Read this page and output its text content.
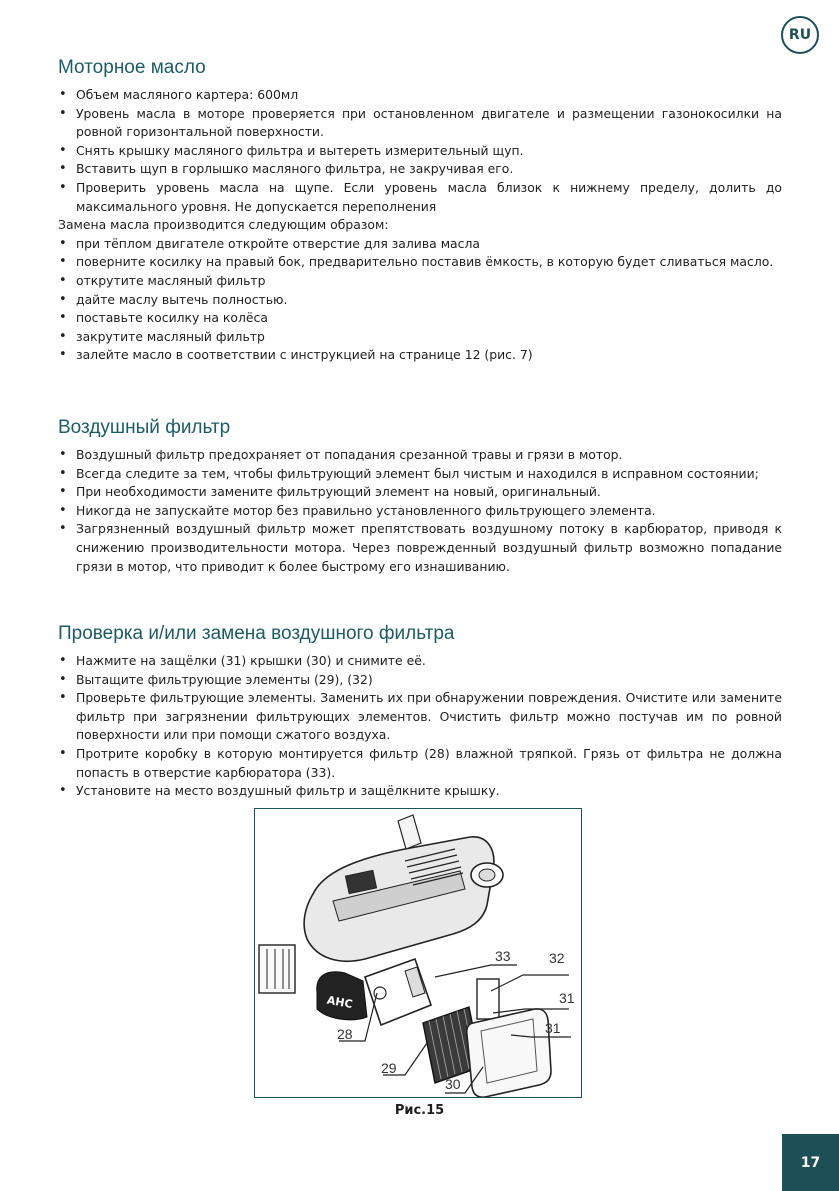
RU
Моторное масло
• Объем масляного картера: 600мл
• Уровень масла в моторе проверяется при остановленном двигателе и размещении газонокосилки на ровной горизонтальной поверхности.
• Снять крышку масляного фильтра и вытереть измерительный щуп.
• Вставить щуп в горлышко масляного фильтра, не закручивая его.
• Проверить уровень масла на щупе. Если уровень масла близок к нижнему пределу, долить до максимального уровня. Не допускается переполнения
Замена масла производится следующим образом:
• при тёплом двигателе откройте отверстие для залива масла
• поверните косилку на правый бок, предварительно поставив ёмкость, в которую будет сливаться масло.
• открутите масляный фильтр
• дайте маслу вытечь полностью.
• поставьте косилку на колёса
• закрутите масляный фильтр
• залейте масло в соответствии с инструкцией на странице 12 (рис. 7)
Воздушный фильтр
• Воздушный фильтр предохраняет от попадания срезанной травы и грязи в мотор.
• Всегда следите за тем, чтобы фильтрующий элемент был чистым и находился в исправном состоянии;
• При необходимости замените фильтрующий элемент на новый, оригинальный.
• Никогда не запускайте мотор без правильно установленного фильтрующего элемента.
• Загрязненный воздушный фильтр может препятствовать воздушному потоку в карбюратор, приводя к снижению производительности мотора. Через поврежденный воздушный фильтр возможно попадание грязи в мотор, что приводит к более быстрому его изнашиванию.
Проверка и/или замена воздушного фильтра
• Нажмите на защёлки (31) крышки (30) и снимите её.
• Вытащите фильтрующие элементы (29), (32)
• Проверьте фильтрующие элементы. Заменить их при обнаружении повреждения. Очистите или замените фильтр при загрязнении фильтрующих элементов. Очистить фильтр можно постучав им по ровной поверхности или при помощи сжатого воздуха.
• Протрите коробку в которую монтируется фильтр (28) влажной тряпкой. Грязь от фильтра не должна попасть в отверстие карбюратора (33).
• Установите на место воздушный фильтр и защёлкните крышку.
AHC
33	32
31
31
28
29
30
Рис.15
17
